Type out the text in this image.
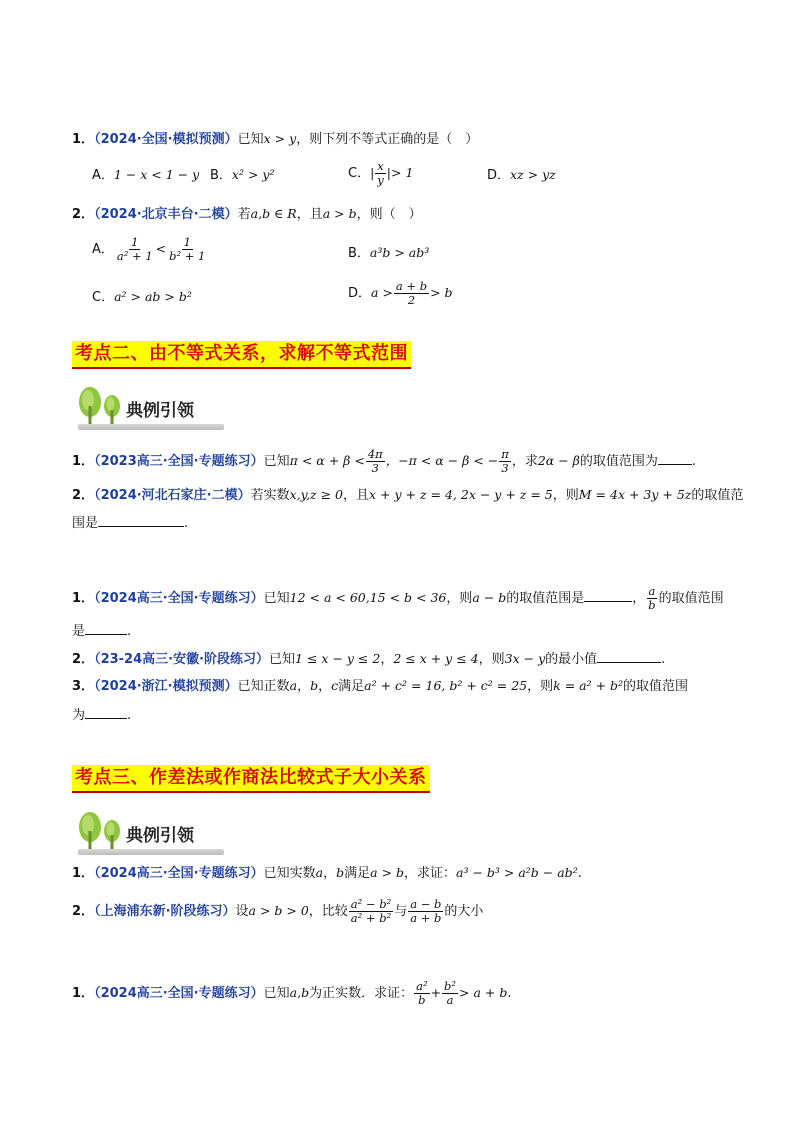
1．（2024·全国·模拟预测）已知x > y，则下列不等式正确的是（　）
A．1 − x < 1 − y B．x² > y²	C．| $\frac{x}{y}$ |> 1	D．xz > yz
2．（2024·北京丰台·二模）若a,b ∈ R，且a > b，则（　）
A． $\frac{1}{\text{a² + 1}} < \frac{1}{\text{b² + 1}}$	B．a³b > ab³
C．a² > ab > b²	D．$a > \frac{a + b}{2} > b$
考点二、由不等式关系，求解不等式范围
典例引领
1．（2023高三·全国·专题练习）已知$\pi < \alpha + \beta < \frac{4\pi}{3}$ ，−π < α − β < − $\frac{\pi}{3}$ ，求2α − β的取值范围为	.
2．（2024·河北石家庄·二模）若实数x,y,z ≥ 0，且x + y + z = 4, 2x − y + z = 5，则M = 4x + 3y + 5z的取值范
围是	.
1．（2024高三·全国·专题练习）已知12 < a < 60,15 < b < 36，则a − b的取值范围是	， $\frac{a}{b}$ 的取值范围
是	.
2．（23-24高三·安徽·阶段练习）已知1 ≤ x − y ≤ 2，2 ≤ x + y ≤ 4，则3x − y的最小值	.
3．（2024·浙江·模拟预测）已知正数a，b，c满足a² + c² = 16, b² + c² = 25，则k = a² + b²的取值范围
为	.
考点三、作差法或作商法比较式子大小关系
典例引领
1．（2024高三·全国·专题练习）已知实数a，b满足a > b，求证：a³ − b³ > a²b − ab².
2．（上海浦东新·阶段练习）设a > b > 0，比较 $\frac{\text{a² − b²}}{\text{a² + b²}}$ 与 $\frac{a - b}{a + b}$ 的大小
1．（2024高三·全国·专题练习）已知a,b为正实数．求证： $\frac{\text{a²}}{b} + \frac{\text{b²}}{a} > a + b$.
